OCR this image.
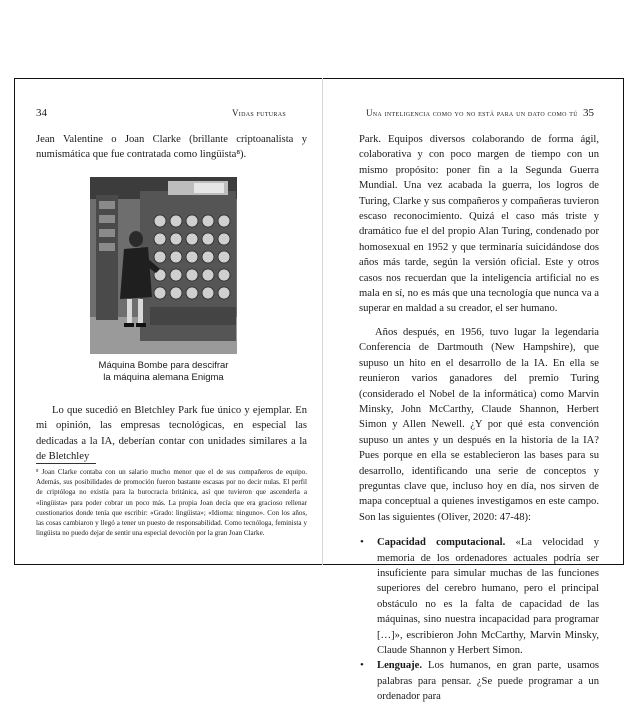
34	Vidas futuras

Jean Valentine o Joan Clarke (brillante criptoanalista y numismática que fue contratada como lingüista⁸).

Máquina Bombe para descifrar
la máquina alemana Enigma

Lo que sucedió en Bletchley Park fue único y ejemplar. En mi opinión, las empresas tecnológicas, en especial las dedicadas a la IA, deberían contar con unidades similares a la de Bletchley

⁸ Joan Clarke contaba con un salario mucho menor que el de sus compañeros de equipo. Además, sus posibilidades de promoción fueron bastante escasas por no decir nulas. El perfil de criptóloga no existía para la burocracia británica, así que tuvieron que ascenderla a «lingüista» para poder cobrar un poco más. La propia Joan decía que era gracioso rellenar cuestionarios donde tenía que escribir: «Grado: lingüista»; «Idioma: ninguno». Con los años, las cosas cambiaron y llegó a tener un puesto de responsabilidad. Como tecnóloga, feminista y lingüista no puedo dejar de sentir una especial devoción por la gran Joan Clarke.
Una inteligencia como yo no está para un dato como tú 35

Park. Equipos diversos colaborando de forma ágil, colaborativa y con poco margen de tiempo con un mismo propósito: poner fin a la Segunda Guerra Mundial. Una vez acabada la guerra, los logros de Turing, Clarke y sus compañeros y compañeras tuvieron escaso reconocimiento. Quizá el caso más triste y dramático fue el del propio Alan Turing, condenado por homosexual en 1952 y que terminaría suicidándose dos años más tarde, según la versión oficial. Este y otros casos nos recuerdan que la inteligencia artificial no es mala en sí, no es más que una tecnología que nunca va a superar en maldad a su creador, el ser humano.

Años después, en 1956, tuvo lugar la legendaria Conferencia de Dartmouth (New Hampshire), que supuso un hito en el desarrollo de la IA. En ella se reunieron varios ganadores del premio Turing (considerado el Nobel de la informática) como Marvin Minsky, John McCarthy, Claude Shannon, Herbert Simon y Allen Newell. ¿Y por qué esta convención supuso un antes y un después en la historia de la IA? Pues porque en ella se establecieron las bases para su desarrollo, identificando una serie de conceptos y preguntas clave que, incluso hoy en día, nos sirven de mapa conceptual a quienes investigamos en este campo. Son las siguientes (Oliver, 2020: 47-48):

• Capacidad computacional. «La velocidad y memoria de los ordenadores actuales podría ser insuficiente para simular muchas de las funciones superiores del cerebro humano, pero el principal obstáculo no es la falta de capacidad de las máquinas, sino nuestra incapacidad para programar […]», escribieron John McCarthy, Marvin Minsky, Claude Shannon y Herbert Simon.

• Lenguaje. Los humanos, en gran parte, usamos palabras para pensar. ¿Se puede programar a un ordenador para
